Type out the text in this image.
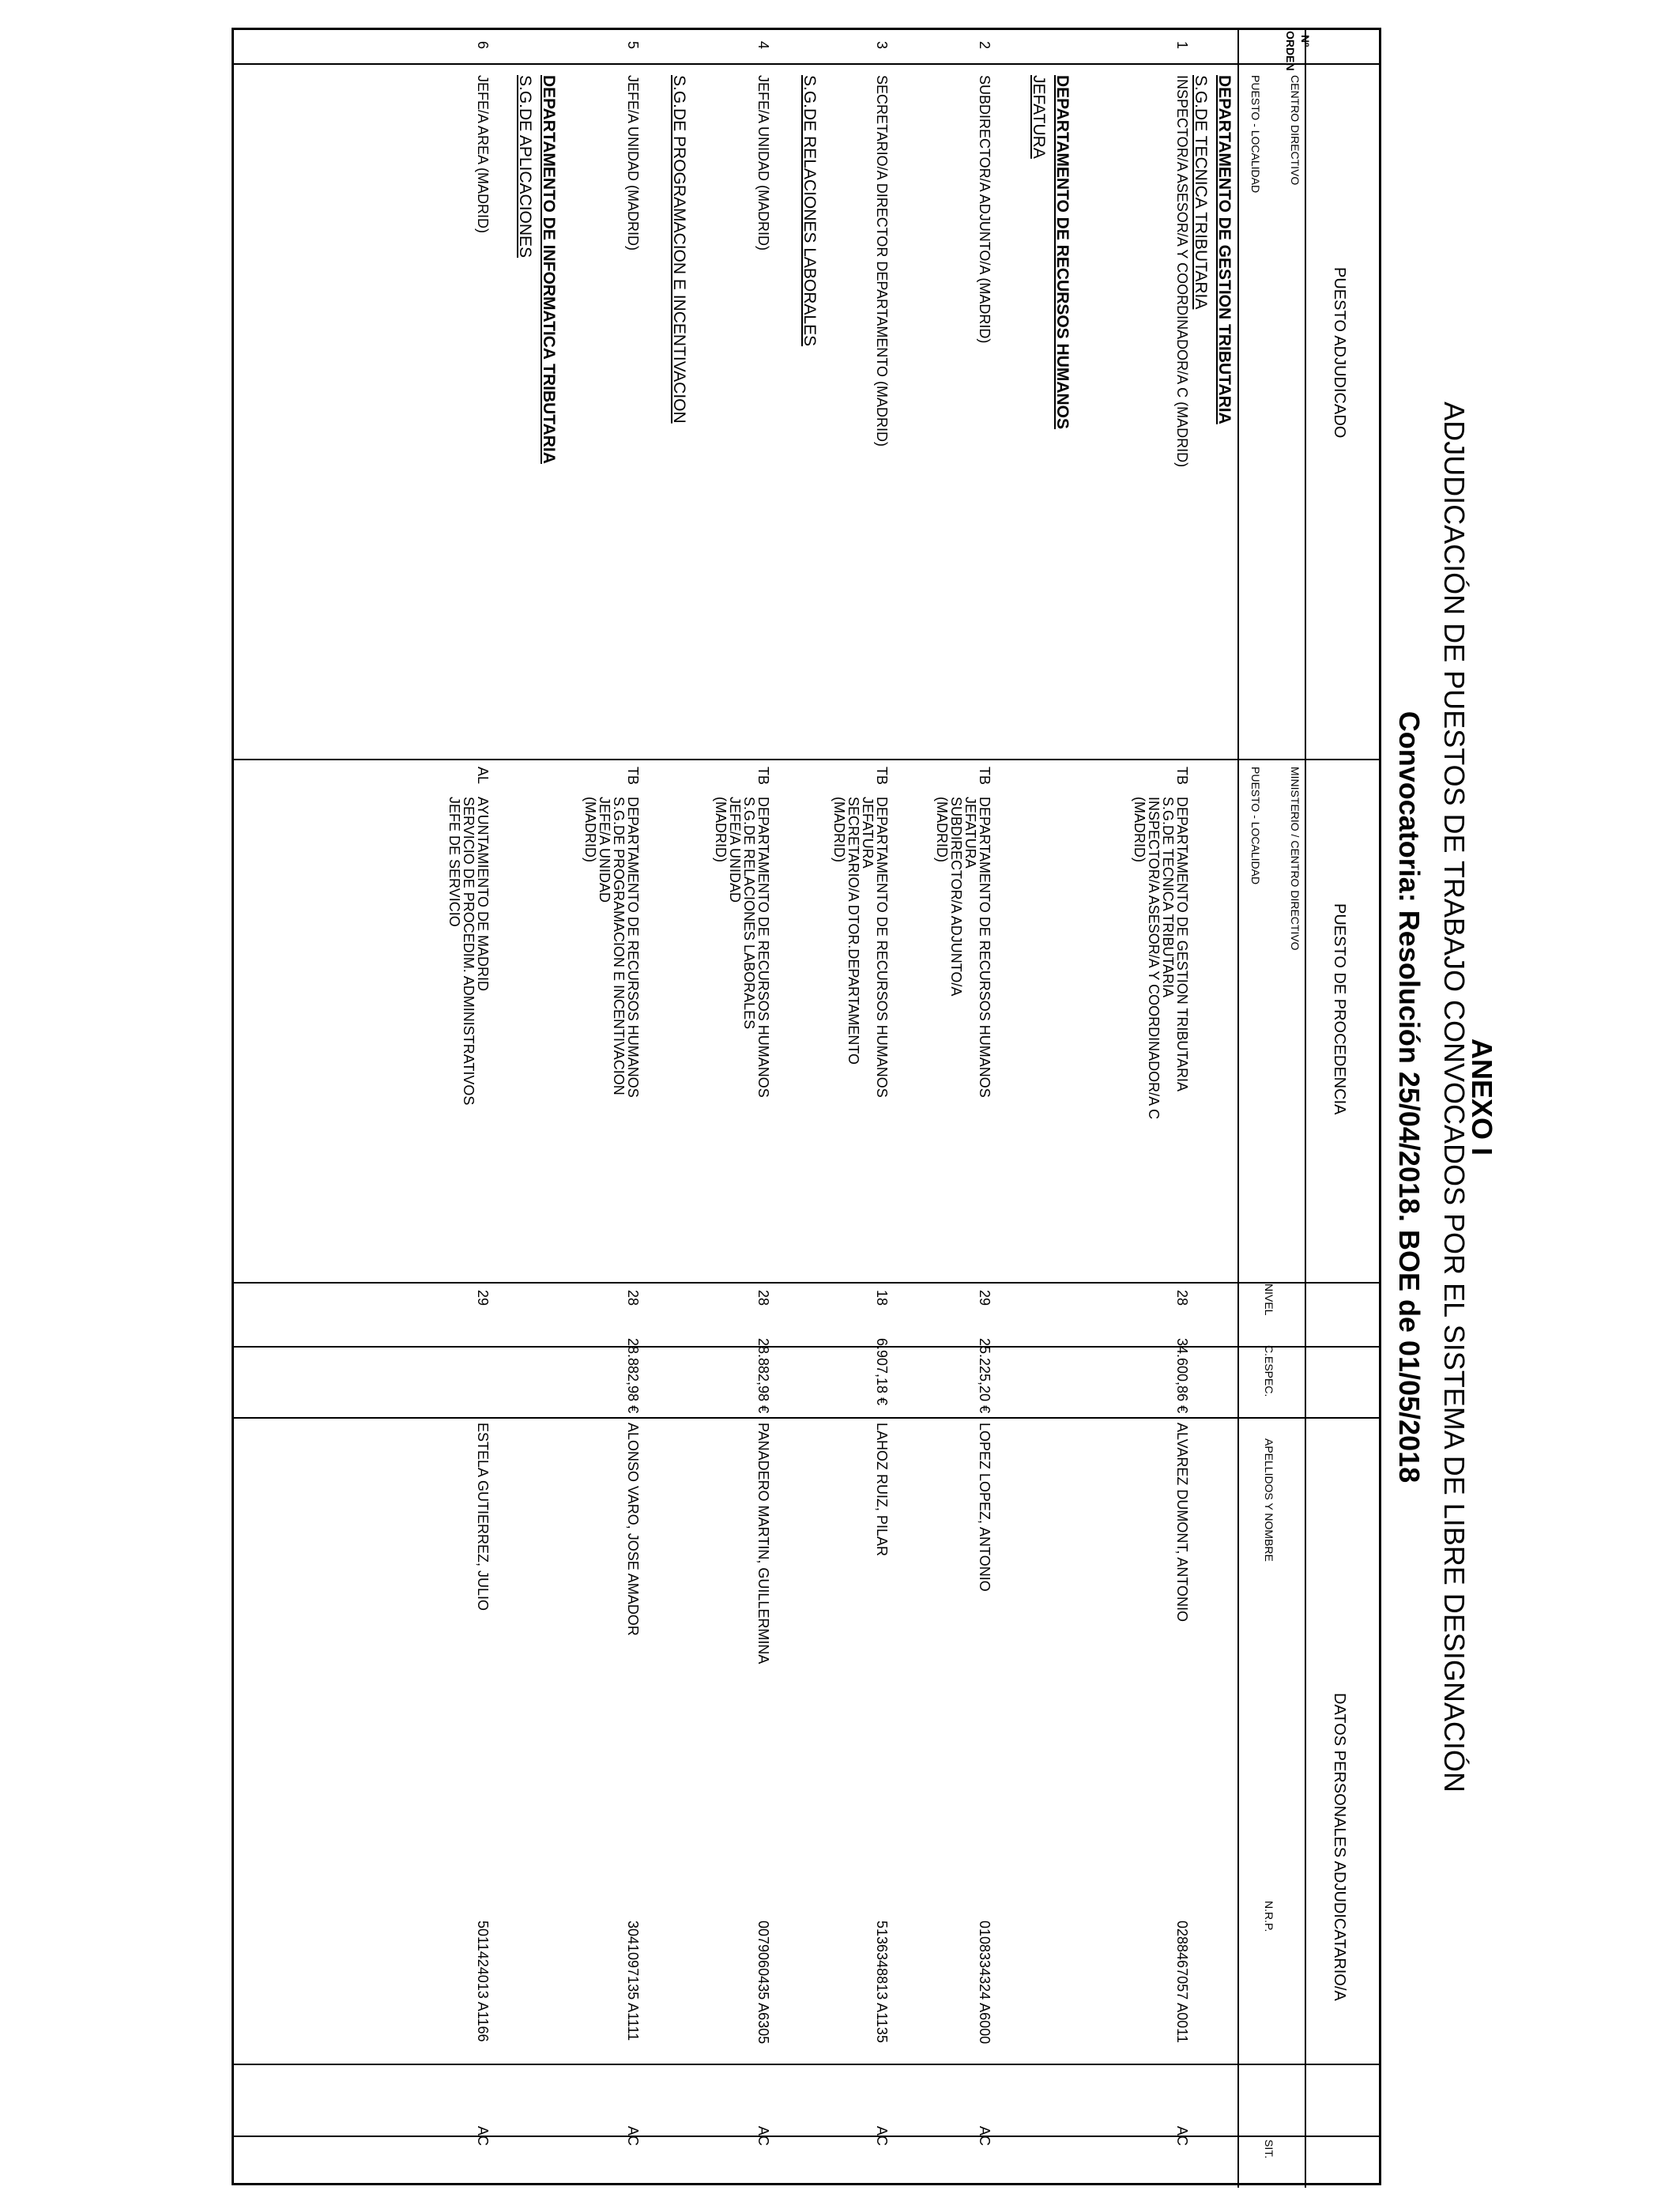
ANEXO I
ADJUDICACIÓN DE PUESTOS DE TRABAJO CONVOCADOS POR EL SISTEMA DE LIBRE DESIGNACIÓN
Convocatoria: Resolución 25/04/2018. BOE de 01/05/2018
Nº
ORDEN
PUESTO ADJUDICADO
CENTRO DIRECTIVO
PUESTO - LOCALIDAD
PUESTO DE PROCEDENCIA
MINISTERIO / CENTRO DIRECTIVO
PUESTO - LOCALIDAD
NIVEL
C.ESPEC.
DATOS PERSONALES ADJUDICATARIO/A
APELLIDOS Y NOMBRE
N.R.P.
SIT.
DEPARTAMENTO DE GESTION TRIBUTARIA
S.G.DE TECNICA TRIBUTARIA
DEPARTAMENTO DE RECURSOS HUMANOS
JEFATURA
S.G.DE RELACIONES LABORALES
S.G.DE PROGRAMACION E INCENTIVACION
DEPARTAMENTO DE INFORMATICA TRIBUTARIA
S.G.DE APLICACIONES
1
INSPECTOR/A ASESOR/A Y COORDINADOR/A C (MADRID)
TB
DEPARTAMENTO DE GESTION TRIBUTARIA
S.G.DE TECNICA TRIBUTARIA
INSPECTOR/A ASESOR/A Y COORDINADOR/A C
(MADRID)
28
34.600,86 €
ALVAREZ DUMONT, ANTONIO
0288467057 A0011
AC
2
SUBDIRECTOR/A ADJUNTO/A (MADRID)
TB
DEPARTAMENTO DE RECURSOS HUMANOS
JEFATURA
SUBDIRECTOR/A ADJUNTO/A
(MADRID)
29
25.225,20 €
LOPEZ LOPEZ, ANTONIO
0108334324 A6000
AC
3
SECRETARIO/A DIRECTOR DEPARTAMENTO (MADRID)
TB
DEPARTAMENTO DE RECURSOS HUMANOS
JEFATURA
SECRETARIO/A DTOR.DEPARTAMENTO
(MADRID)
18
6.907,18 €
LAHOZ RUIZ, PILAR
5136348813 A1135
AC
4
JEFE/A UNIDAD (MADRID)
TB
DEPARTAMENTO DE RECURSOS HUMANOS
S.G.DE RELACIONES LABORALES
JEFE/A UNIDAD
(MADRID)
28
28.882,98 €
PANADERO MARTIN, GUILLERMINA
0079060435 A6305
AC
5
JEFE/A UNIDAD (MADRID)
TB
DEPARTAMENTO DE RECURSOS HUMANOS
S.G.DE PROGRAMACION E INCENTIVACION
JEFE/A UNIDAD
(MADRID)
28
28.882,98 €
ALONSO VARO, JOSE AMADOR
3041097135 A1111
AC
6
JEFE/A AREA (MADRID)
AL
AYUNTAMIENTO DE MADRID
SERVICIO DE PROCEDIM. ADMINISTRATIVOS
JEFE DE SERVICIO
29
ESTELA GUTIERREZ, JULIO
5011424013 A1166
AC
